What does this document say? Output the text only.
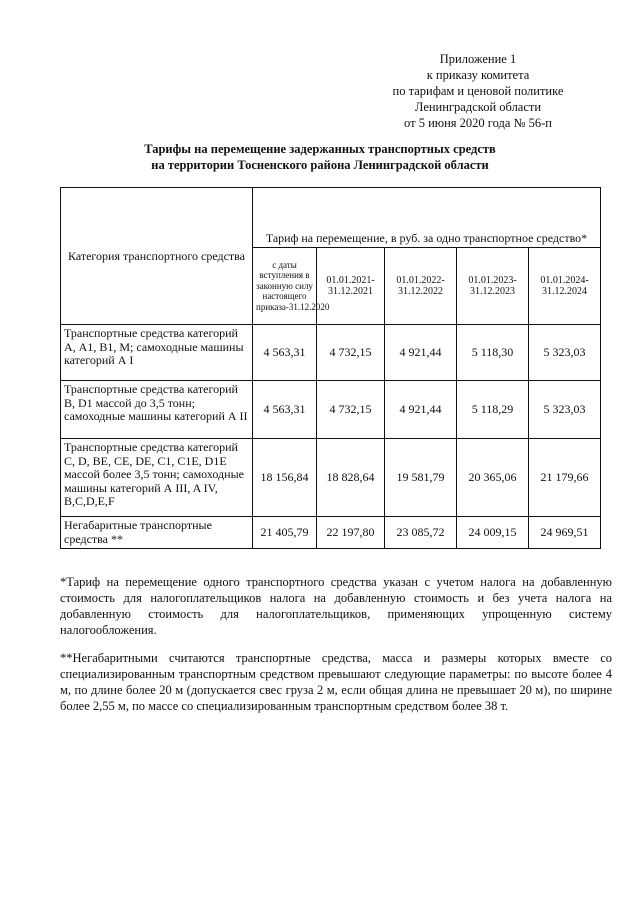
Приложение 1
к приказу комитета
по тарифам и ценовой политике
Ленинградской области
от 5 июня 2020 года № 56-п
Тарифы на перемещение задержанных транспортных средств
на территории Тосненского района Ленинградской области
Категория транспортного средства	Тариф на перемещение, в руб. за одно транспортное средство*				
	с даты вступления в законную силу настоящего приказа-31.12.2020	01.01.2021-31.12.2021	01.01.2022-31.12.2022	01.01.2023-31.12.2023	01.01.2024-31.12.2024
Транспортные средства категорий А, А1, В1, М; самоходные машины категорий А I	4 563,31	4 732,15	4 921,44	5 118,30	5 323,03
Транспортные средства категорий В, D1 массой до 3,5 тонн; самоходные машины категорий А II	4 563,31	4 732,15	4 921,44	5 118,29	5 323,03
Транспортные средства категорий С, D, ВЕ, СЕ, DE, С1, С1Е, D1E массой более 3,5 тонн; самоходные машины категорий А III, A IV, B,C,D,E,F	18 156,84	18 828,64	19 581,79	20 365,06	21 179,66
Негабаритные транспортные средства **	21 405,79	22 197,80	23 085,72	24 009,15	24 969,51
*Тариф на перемещение одного транспортного средства указан с учетом налога на добавленную стоимость для налогоплательщиков налога на добавленную стоимость и без учета налога на добавленную стоимость для налогоплательщиков, применяющих упрощенную систему налогообложения.
**Негабаритными считаются транспортные средства, масса и размеры которых вместе со специализированным транспортным средством превышают следующие параметры: по высоте более 4 м, по длине более 20 м (допускается свес груза 2 м, если общая длина не превышает 20 м), по ширине более 2,55 м, по массе со специализированным транспортным средством более 38 т.
